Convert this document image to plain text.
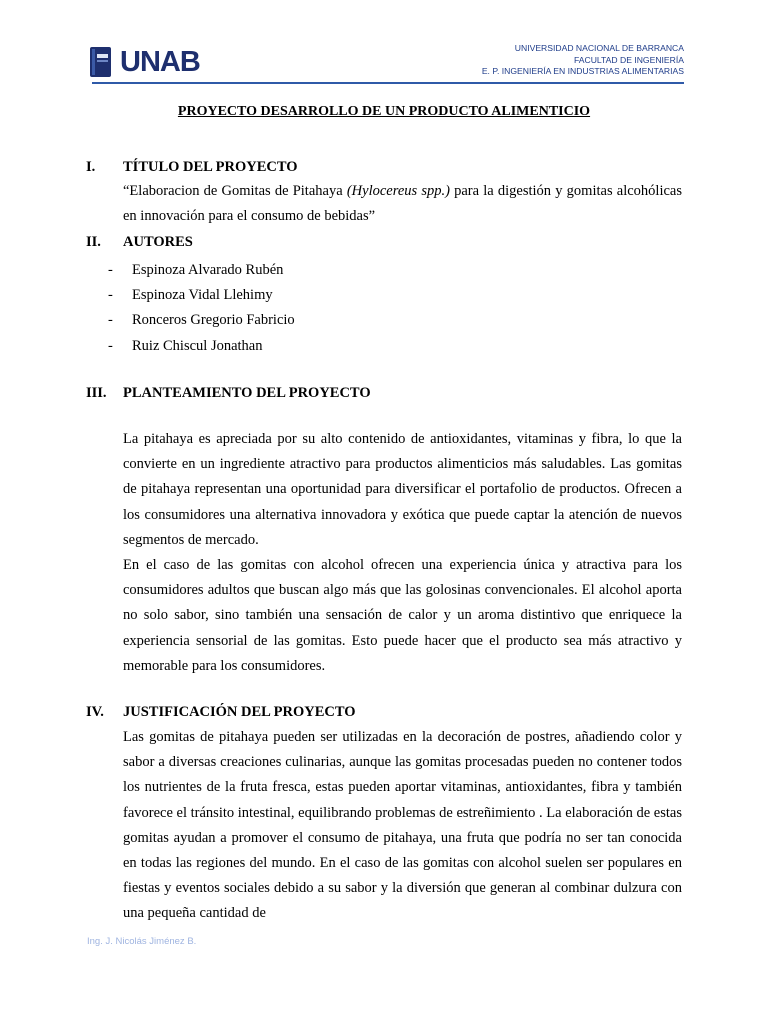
UNAB	UNIVERSIDAD NACIONAL DE BARRANCA
FACULTAD DE INGENIERÍA
E. P. INGENIERÍA EN INDUSTRIAS ALIMENTARIAS
PROYECTO DESARROLLO DE UN PRODUCTO ALIMENTICIO
I. TÍTULO DEL PROYECTO

“Elaboracion de Gomitas de Pitahaya (Hylocereus spp.) para la digestión y gomitas alcohólicas en innovación para el consumo de bebidas”

II. AUTORES
-	Espinoza Alvarado Rubén
-	Espinoza Vidal Llehimy
-	Ronceros Gregorio Fabricio
-	Ruiz Chiscul Jonathan
III. PLANTEAMIENTO DEL PROYECTO

La pitahaya es apreciada por su alto contenido de antioxidantes, vitaminas y fibra, lo que la convierte en un ingrediente atractivo para productos alimenticios más saludables. Las gomitas de pitahaya representan una oportunidad para diversificar el portafolio de productos. Ofrecen a los consumidores una alternativa innovadora y exótica que puede captar la atención de nuevos segmentos de mercado.

En el caso de las gomitas con alcohol ofrecen una experiencia única y atractiva para los consumidores adultos que buscan algo más que las golosinas convencionales. El alcohol aporta no solo sabor, sino también una sensación de calor y un aroma distintivo que enriquece la experiencia sensorial de las gomitas. Esto puede hacer que el producto sea más atractivo y memorable para los consumidores.

IV. JUSTIFICACIÓN DEL PROYECTO

Las gomitas de pitahaya pueden ser utilizadas en la decoración de postres, añadiendo color y sabor a diversas creaciones culinarias, aunque las gomitas procesadas pueden no contener todos los nutrientes de la fruta fresca, estas pueden aportar vitaminas, antioxidantes, fibra y también favorece el tránsito intestinal, equilibrando problemas de estreñimiento . La elaboración de estas gomitas ayudan a promover el consumo de pitahaya, una fruta que podría no ser tan conocida en todas las regiones del mundo. En el caso de las gomitas con alcohol suelen ser populares en fiestas y eventos sociales debido a su sabor y la diversión que generan al combinar dulzura con una pequeña cantidad de

Ing. J. Nicolás Jiménez B.
